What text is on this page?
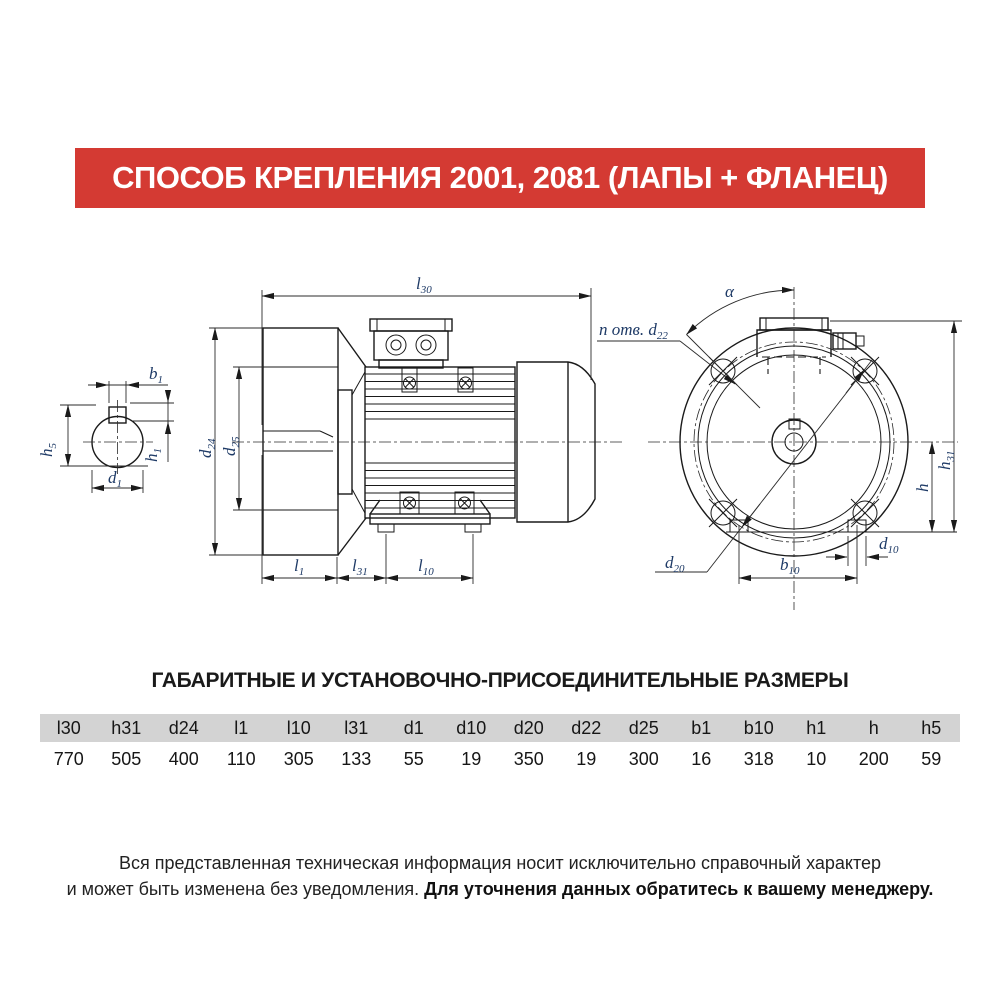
СПОСОБ КРЕПЛЕНИЯ 2001, 2081 (ЛАПЫ + ФЛАНЕЦ)
$b_1$
$h_5$
$h_1$
$d_1$
$l_{30}$
$d_{24}$
$d_{25}$
$l_1$	$l_{31}$	$l_{10}$
n отв. $d_{22}$
α
$d_{20}$	$b_{10}$
$d_{10}$
h
$h_{31}$
ГАБАРИТНЫЕ И УСТАНОВОЧНО-ПРИСОЕДИНИТЕЛЬНЫЕ РАЗМЕРЫ
l30	h31	d24	l1	l10	l31	d1	d10	d20	d22	d25	b1	b10	h1	h	h5
770	505	400	110	305	133	55	19	350	19	300	16	318	10	200	59
Вся представленная техническая информация носит исключительно справочный характер
и может быть изменена без уведомления. Для уточнения данных обратитесь к вашему менеджеру.
